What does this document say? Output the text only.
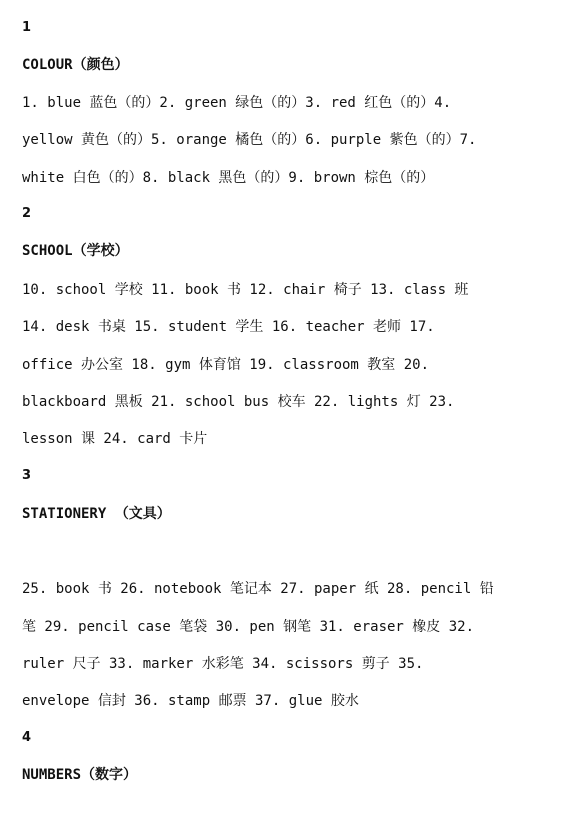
1
COLOUR（颜色）
1. blue 蓝色（的）2. green 绿色（的）3. red 红色（的）4.
yellow 黄色（的）5. orange 橘色（的）6. purple 紫色（的）7.
white 白色（的）8. black 黑色（的）9. brown 棕色（的）
2
SCHOOL（学校）
10. school 学校 11. book 书 12. chair 椅子 13. class 班
14. desk 书桌 15. student 学生 16. teacher 老师 17.
office 办公室 18. gym 体育馆 19. classroom 教室 20.
blackboard 黑板 21. school bus 校车 22. lights 灯 23.
lesson 课 24. card 卡片
3
STATIONERY （文具）
25. book 书 26. notebook 笔记本 27. paper 纸 28. pencil 铅
笔 29. pencil case 笔袋 30. pen 钢笔 31. eraser 橡皮 32.
ruler 尺子 33. marker 水彩笔 34. scissors 剪子 35.
envelope 信封 36. stamp 邮票 37. glue 胶水
4
NUMBERS（数字）
